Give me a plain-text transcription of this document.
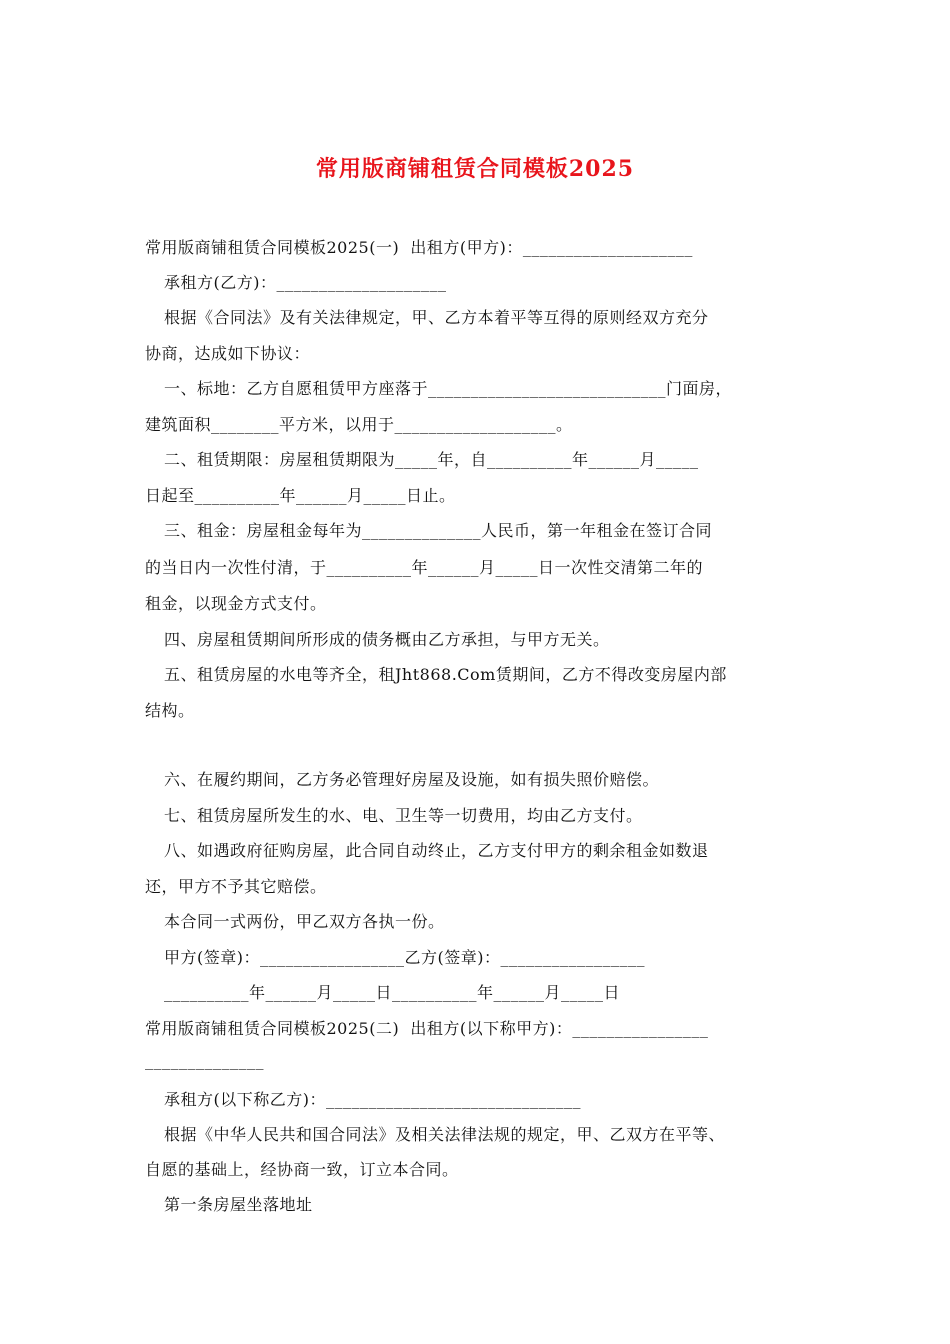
常用版商铺租赁合同模板2025
常用版商铺租赁合同模板2025(一)  出租方(甲方)：____________________
承租方(乙方)：____________________
根据《合同法》及有关法律规定，甲、乙方本着平等互得的原则经双方充分
协商，达成如下协议：
一、标地：乙方自愿租赁甲方座落于____________________________门面房，
建筑面积________平方米，以用于___________________。
二、租赁期限：房屋租赁期限为_____年，自__________年______月_____
日起至__________年______月_____日止。
三、租金：房屋租金每年为______________人民币，第一年租金在签订合同
的当日内一次性付清，于__________年______月_____日一次性交清第二年的
租金，以现金方式支付。
四、房屋租赁期间所形成的债务概由乙方承担，与甲方无关。
五、租赁房屋的水电等齐全，租Jht868.Com赁期间，乙方不得改变房屋内部
结构。
六、在履约期间，乙方务必管理好房屋及设施，如有损失照价赔偿。
七、租赁房屋所发生的水、电、卫生等一切费用，均由乙方支付。
八、如遇政府征购房屋，此合同自动终止，乙方支付甲方的剩余租金如数退
还，甲方不予其它赔偿。
本合同一式两份，甲乙双方各执一份。
甲方(签章)：_________________乙方(签章)：_________________
__________年______月_____日__________年______月_____日
常用版商铺租赁合同模板2025(二)  出租方(以下称甲方)：________________
______________
承租方(以下称乙方)：______________________________
根据《中华人民共和国合同法》及相关法律法规的规定，甲、乙双方在平等、
自愿的基础上，经协商一致，订立本合同。
第一条房屋坐落地址
